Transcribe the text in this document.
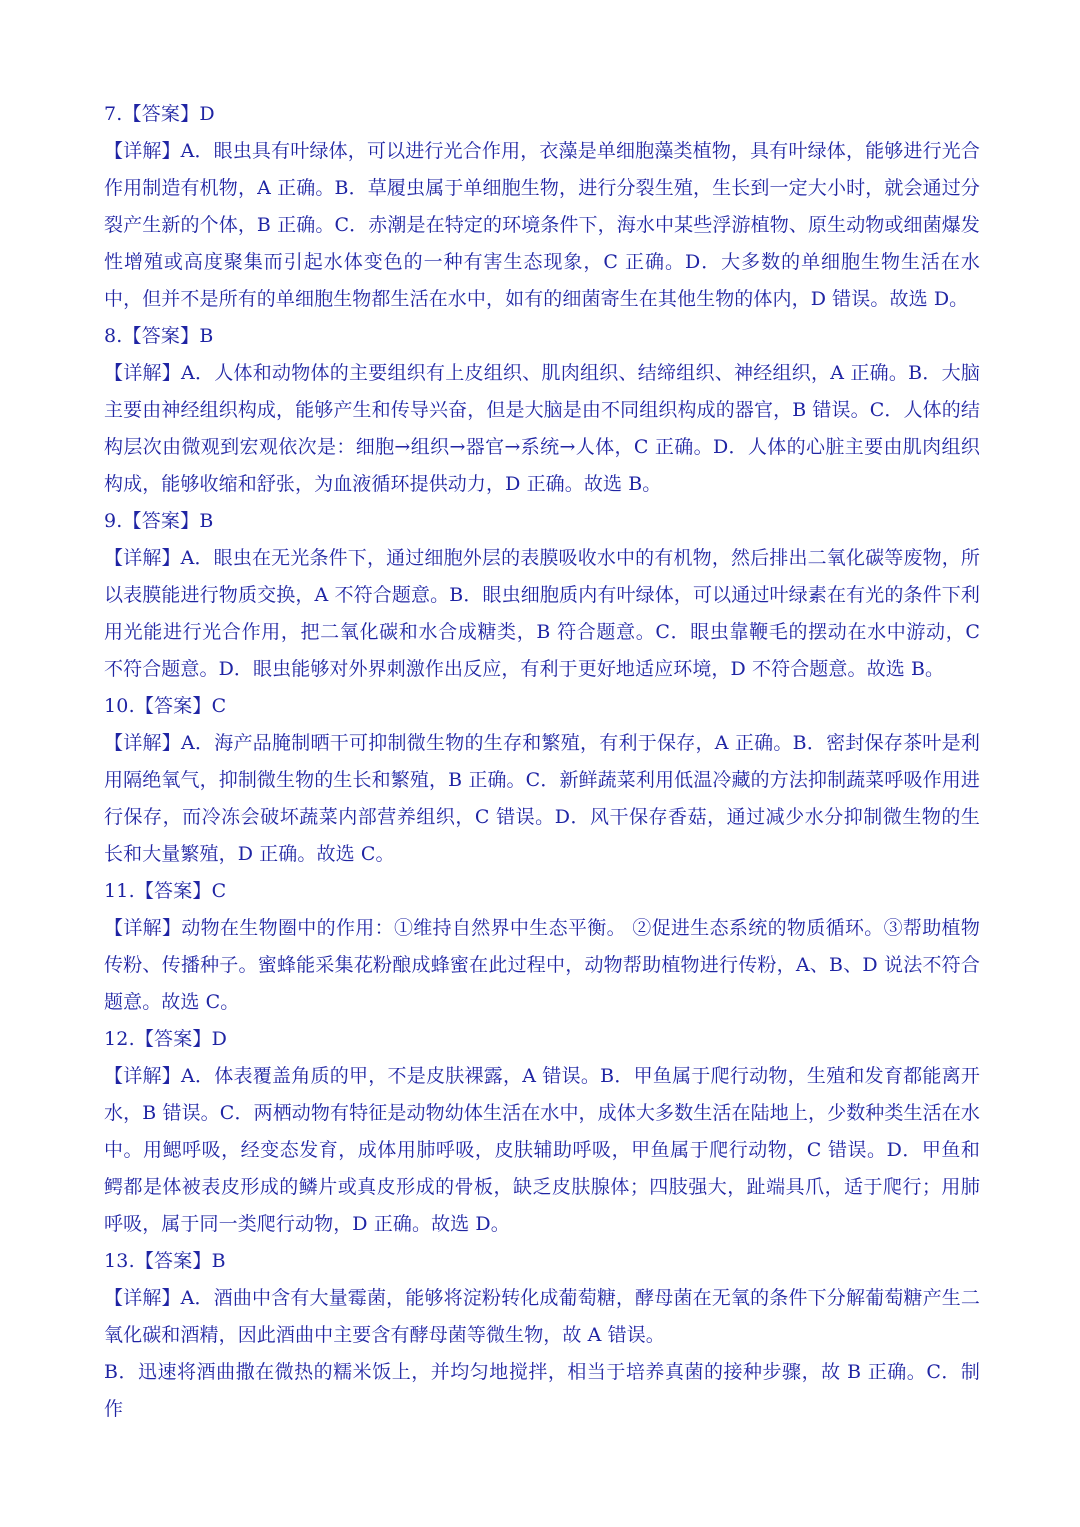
7.【答案】D

【详解】A．眼虫具有叶绿体，可以进行光合作用，衣藻是单细胞藻类植物，具有叶绿体，能够进行光合作用制造有机物，A 正确。B．草履虫属于单细胞生物，进行分裂生殖，生长到一定大小时，就会通过分裂产生新的个体，B 正确。C．赤潮是在特定的环境条件下，海水中某些浮游植物、原生动物或细菌爆发性增殖或高度聚集而引起水体变色的一种有害生态现象，C 正确。D．大多数的单细胞生物生活在水中，但并不是所有的单细胞生物都生活在水中，如有的细菌寄生在其他生物的体内，D 错误。故选 D。

8.【答案】B

【详解】A．人体和动物体的主要组织有上皮组织、肌肉组织、结缔组织、神经组织，A 正确。B．大脑主要由神经组织构成，能够产生和传导兴奋，但是大脑是由不同组织构成的器官，B 错误。C．人体的结构层次由微观到宏观依次是：细胞→组织→器官→系统→人体，C 正确。D．人体的心脏主要由肌肉组织构成，能够收缩和舒张，为血液循环提供动力，D 正确。故选 B。

9.【答案】B

【详解】A．眼虫在无光条件下，通过细胞外层的表膜吸收水中的有机物，然后排出二氧化碳等废物，所以表膜能进行物质交换，A 不符合题意。B．眼虫细胞质内有叶绿体，可以通过叶绿素在有光的条件下利用光能进行光合作用，把二氧化碳和水合成糖类，B 符合题意。C．眼虫靠鞭毛的摆动在水中游动，C 不符合题意。D．眼虫能够对外界刺激作出反应，有利于更好地适应环境，D 不符合题意。故选 B。

10.【答案】C

【详解】A．海产品腌制晒干可抑制微生物的生存和繁殖，有利于保存，A 正确。B．密封保存茶叶是利用隔绝氧气，抑制微生物的生长和繁殖，B 正确。C．新鲜蔬菜利用低温冷藏的方法抑制蔬菜呼吸作用进行保存，而冷冻会破坏蔬菜内部营养组织，C 错误。D．风干保存香菇，通过减少水分抑制微生物的生长和大量繁殖，D 正确。故选 C。

11.【答案】C

【详解】动物在生物圈中的作用：①维持自然界中生态平衡。 ②促进生态系统的物质循环。③帮助植物传粉、传播种子。蜜蜂能采集花粉酿成蜂蜜在此过程中，动物帮助植物进行传粉，A、B、D 说法不符合题意。故选 C。

12.【答案】D

【详解】A．体表覆盖角质的甲，不是皮肤裸露，A 错误。B．甲鱼属于爬行动物，生殖和发育都能离开水，B 错误。C．两栖动物有特征是动物幼体生活在水中，成体大多数生活在陆地上，少数种类生活在水中。用鳃呼吸，经变态发育，成体用肺呼吸，皮肤辅助呼吸，甲鱼属于爬行动物，C 错误。D．甲鱼和鳄都是体被表皮形成的鳞片或真皮形成的骨板，缺乏皮肤腺体；四肢强大，趾端具爪，适于爬行；用肺呼吸，属于同一类爬行动物，D 正确。故选 D。

13.【答案】B

【详解】A．酒曲中含有大量霉菌，能够将淀粉转化成葡萄糖，酵母菌在无氧的条件下分解葡萄糖产生二氧化碳和酒精，因此酒曲中主要含有酵母菌等微生物，故 A 错误。

B．迅速将酒曲撒在微热的糯米饭上，并均匀地搅拌，相当于培养真菌的接种步骤，故 B 正确。C．制作
